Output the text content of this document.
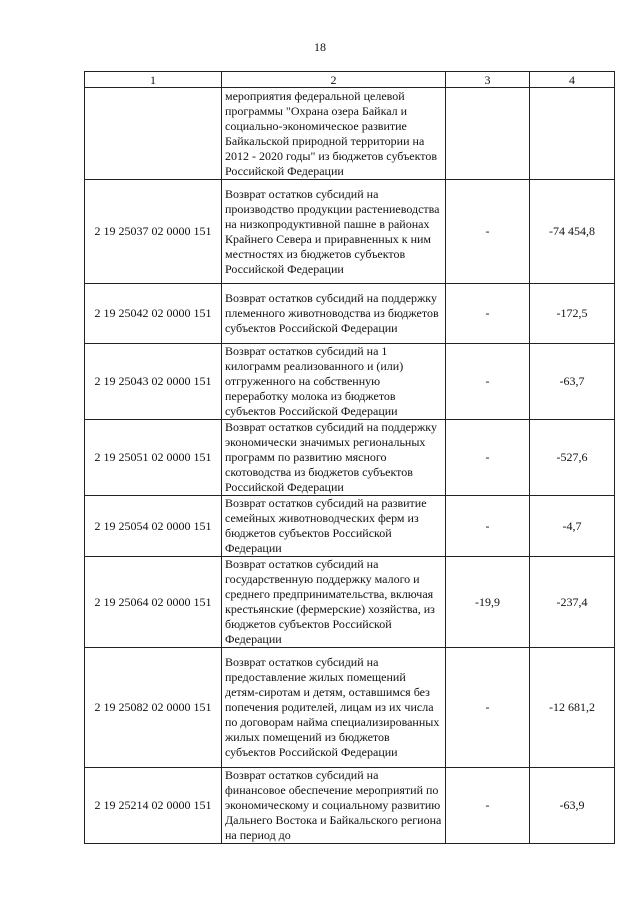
18
1	2	3	4
	мероприятия федеральной целевой программы "Охрана озера Байкал и социально-экономическое развитие Байкальской природной территории на 2012 - 2020 годы" из бюджетов субъектов Российской Федерации		
2 19 25037 02 0000 151	Возврат остатков субсидий на производство продукции растениеводства на низкопродуктивной пашне в районах Крайнего Севера и приравненных к ним местностях из бюджетов субъектов Российской Федерации	-	-74 454,8
2 19 25042 02 0000 151	Возврат остатков субсидий на поддержку племенного животноводства из бюджетов субъектов Российской Федерации	-	-172,5
2 19 25043 02 0000 151	Возврат остатков субсидий на 1 килограмм реализованного и (или) отгруженного на собственную переработку молока из бюджетов субъектов Российской Федерации	-	-63,7
2 19 25051 02 0000 151	Возврат остатков субсидий на поддержку экономически значимых региональных программ по развитию мясного скотоводства из бюджетов субъектов Российской Федерации	-	-527,6
2 19 25054 02 0000 151	Возврат остатков субсидий на развитие семейных животноводческих ферм из бюджетов субъектов Российской Федерации	-	-4,7
2 19 25064 02 0000 151	Возврат остатков субсидий на государственную поддержку малого и среднего предпринимательства, включая крестьянские (фермерские) хозяйства, из бюджетов субъектов Российской Федерации	-19,9	-237,4
2 19 25082 02 0000 151	Возврат остатков субсидий на предоставление жилых помещений детям-сиротам и детям, оставшимся без попечения родителей, лицам из их числа по договорам найма специализированных жилых помещений из бюджетов субъектов Российской Федерации	-	-12 681,2
2 19 25214 02 0000 151	Возврат остатков субсидий на финансовое обеспечение мероприятий по экономическому и социальному развитию Дальнего Востока и Байкальского региона на период до	-	-63,9
